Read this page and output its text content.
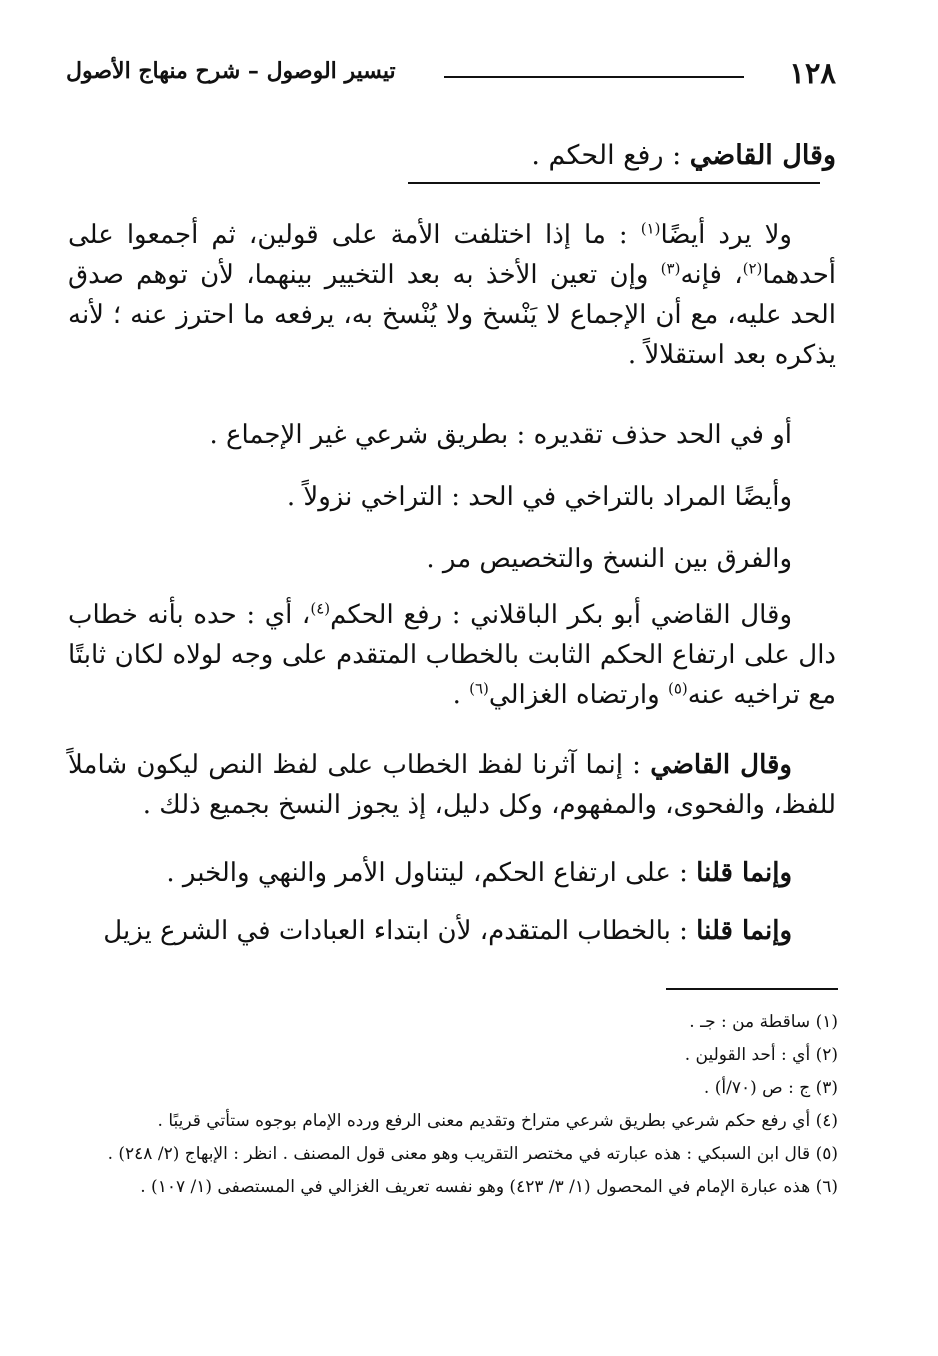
١٢٨
تيسير الوصول – شرح منهاج الأصول
وقال القاضي : رفع الحكم .
ولا يرد أيضًا$^{(١)}$ : ما إذا اختلفت الأمة على قولين، ثم أجمعوا على أحدهما$^{(٢)}$، فإنه$^{(٣)}$ وإن تعين الأخذ به بعد التخيير بينهما، لأن توهم صدق الحد عليه، مع أن الإجماع لا يَنْسخ ولا يُنْسخ به، يرفعه ما احترز عنه ؛ لأنه يذكره بعد استقلالاً .
أو في الحد حذف تقديره : بطريق شرعي غير الإجماع .
وأيضًا المراد بالتراخي في الحد : التراخي نزولاً .
والفرق بين النسخ والتخصيص مر .
وقال القاضي أبو بكر الباقلاني : رفع الحكم$^{(٤)}$، أي : حده بأنه خطاب دال على ارتفاع الحكم الثابت بالخطاب المتقدم على وجه لولاه لكان ثابتًا مع تراخيه عنه$^{(٥)}$ وارتضاه الغزالي$^{(٦)}$ .
وقال القاضي : إنما آثرنا لفظ الخطاب على لفظ النص ليكون شاملاً للفظ، والفحوى، والمفهوم، وكل دليل، إذ يجوز النسخ بجميع ذلك .
وإنما قلنا : على ارتفاع الحكم، ليتناول الأمر والنهي والخبر .
وإنما قلنا : بالخطاب المتقدم، لأن ابتداء العبادات في الشرع يزيل
(١) ساقطة من : جـ .
(٢) أي : أحد القولين .
(٣) ج : ص (٧٠/أ) .
(٤) أي رفع حكم شرعي بطريق شرعي متراخ وتقديم معنى الرفع ورده الإمام بوجوه ستأتي قريبًا .
(٥) قال ابن السبكي : هذه عبارته في مختصر التقريب وهو معنى قول المصنف . انظر : الإبهاج (٢/ ٢٤٨) .
(٦) هذه عبارة الإمام في المحصول (١/ ٣/ ٤٢٣) وهو نفسه تعريف الغزالي في المستصفى (١/ ١٠٧) .
